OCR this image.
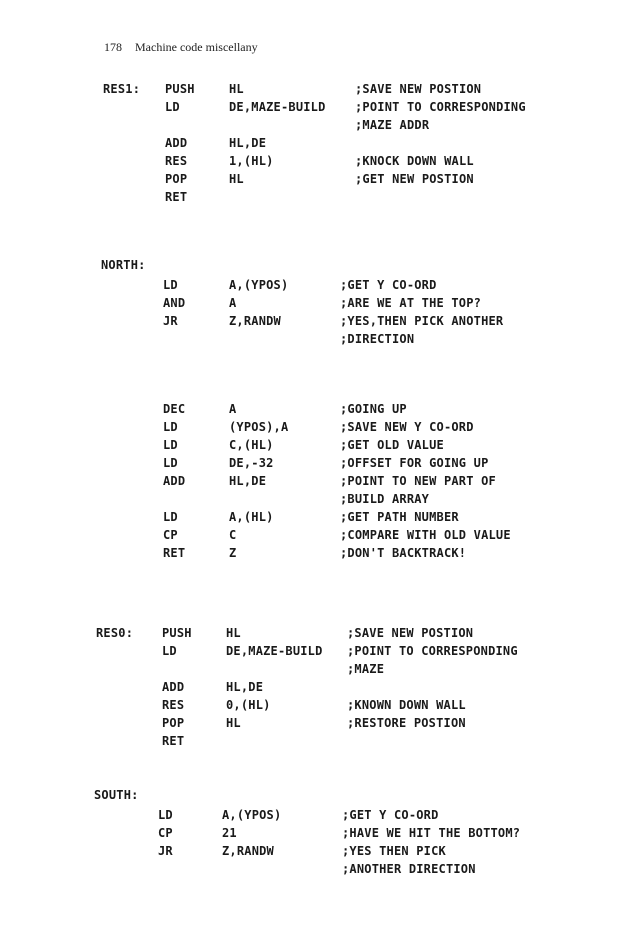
178 Machine code miscellany
RES1: PUSH	HL	;SAVE NEW POSTION
LD	DE,MAZE-BUILD ;POINT TO CORRESPONDING
;MAZE ADDR
ADD	HL,DE
RES	1,(HL)	;KNOCK DOWN WALL
POP	HL	;GET NEW POSTION
RET
NORTH:
LD	A,(YPOS)	;GET Y CO-ORD
AND	A	;ARE WE AT THE TOP?
JR	Z,RANDW	;YES,THEN PICK ANOTHER
;DIRECTION
DEC	A	;GOING UP
LD	(YPOS),A	;SAVE NEW Y CO-ORD
LD	C,(HL)	;GET OLD VALUE
LD	DE,-32	;OFFSET FOR GOING UP
ADD	HL,DE	;POINT TO NEW PART OF
;BUILD ARRAY
LD	A,(HL)	;GET PATH NUMBER
CP	C	;COMPARE WITH OLD VALUE
RET	Z	;DON'T BACKTRACK!
RES0: PUSH	HL	;SAVE NEW POSTION
LD	DE,MAZE-BUILD ;POINT TO CORRESPONDING
;MAZE
ADD	HL,DE
RES	0,(HL)	;KNOWN DOWN WALL
POP	HL	;RESTORE POSTION
RET
SOUTH:
LD	A,(YPOS)	;GET Y CO-ORD
CP	21	;HAVE WE HIT THE BOTTOM?
JR	Z,RANDW	;YES THEN PICK
;ANOTHER DIRECTION
